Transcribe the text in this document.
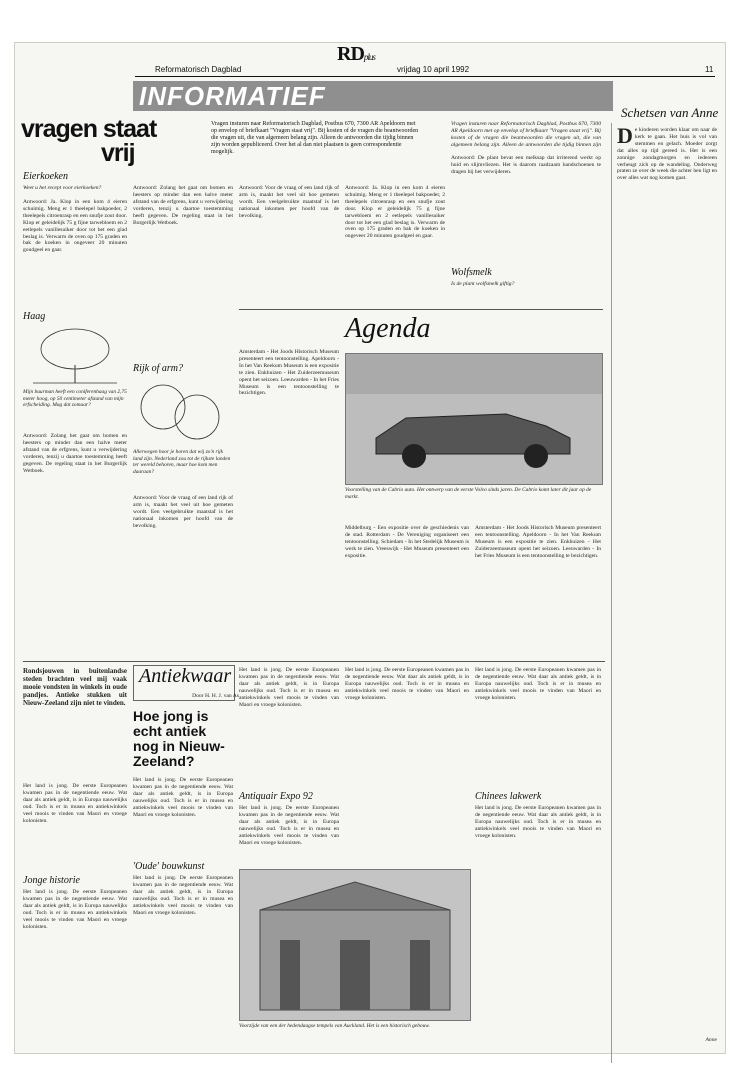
RDplus
Reformatorisch Dagblad	vrijdag 10 april 1992	11
INFORMATIEF
Schetsen van Anne
vragen staat
vrij
Vragen insturen naar Reformatorisch Dagblad, Postbus 670, 7300 AR Apeldoorn met op envelop of briefkaart "Vragen staat vrij". Bij kosten of de vragen die beantwoorden die vragen uit, die van algemeen belang zijn. Alleen de antwoorden die tijdig binnen zijn worden gepubliceerd. Over het al dan niet plaatsen is geen correspondentie mogelijk.
Eierkoeken
Weet u het recept voor eierkoeken?
Antwoord: Ja. Klop in een kom 4 eieren schuimig. Meng er 1 theelepel bakpoeder, 2 theelepels citroenrasp en een snufje zout door. Klop er geleidelijk 75 g fijne tarwebloem en 2 eetlepels vanillesuiker door tot het een glad beslag is. Verwarm de oven op 175 graden en bak de koeken in ongeveer 20 minuten goudgeel en gaar.
Haag
Mijn buurman heeft een coniferenhaag van 2,75 meter hoog, op 50 centimeter afstand van mijn erfscheiding. Mag dat zomaar?
Antwoord: Zolang het gaat om bomen en heesters op minder dan een halve meter afstand van de erfgrens, kunt u verwijdering vorderen, tenzij u daartoe toestemming heeft gegeven. De regeling staat in het Burgerlijk Wetboek.
Antwoord: Zolang het gaat om bomen en heesters op minder dan een halve meter afstand van de erfgrens, kunt u verwijdering vorderen, tenzij u daartoe toestemming heeft gegeven. De regeling staat in het Burgerlijk Wetboek.
Rijk of arm?
Allerwegen hoor je horen dat wij zo'n rijk land zijn. Nederland zou tot de rijkste landen ter wereld behoren, maar hoe kom men daaraan?
Antwoord: Voor de vraag of een land rijk of arm is, maakt het veel uit hoe gemeten wordt. Een veelgebruikte maatstaf is het nationaal inkomen per hoofd van de bevolking.
Antwoord: Voor de vraag of een land rijk of arm is, maakt het veel uit hoe gemeten wordt. Een veelgebruikte maatstaf is het nationaal inkomen per hoofd van de bevolking.
Antwoord: Ja. Klop in een kom 4 eieren schuimig. Meng er 1 theelepel bakpoeder, 2 theelepels citroenrasp en een snufje zout door. Klop er geleidelijk 75 g fijne tarwebloem en 2 eetlepels vanillesuiker door tot het een glad beslag is. Verwarm de oven op 175 graden en bak de koeken in ongeveer 20 minuten goudgeel en gaar.
Vragen insturen naar Reformatorisch Dagblad, Postbus 670, 7300 AR Apeldoorn met op envelop of briefkaart "Vragen staat vrij". Bij kosten of de vragen die beantwoorden die vragen uit, die van algemeen belang zijn. Alleen de antwoorden die tijdig binnen zijn
Wolfsmelk
Is de plant wolfsmelk giftig?
Antwoord: De plant bevat een melksap dat irriterend werkt op huid en slijmvliezen. Het is daarom raadzaam handschoenen te dragen bij het verwijderen.
Agenda
Amsterdam - Het Joods Historisch Museum presenteert een tentoonstelling. Apeldoorn - In het Van Reekum Museum is een expositie te zien. Enkhuizen - Het Zuiderzeemuseum opent het seizoen. Leeuwarden - In het Fries Museum is een tentoonstelling te bezichtigen.
Voorstelling van de Cabrio auto. Het ontwerp van de eerste Volvo sinds jaren. De Cabrio komt later dit jaar op de markt.
Middelburg - Een expositie over de geschiedenis van de stad. Rotterdam - De Vereniging organiseert een tentoonstelling. Schiedam - In het Stedelijk Museum is werk te zien. Vreeswijk - Het Museum presenteert een expositie.
Amsterdam - Het Joods Historisch Museum presenteert een tentoonstelling. Apeldoorn - In het Van Reekum Museum is een expositie te zien. Enkhuizen - Het Zuiderzeemuseum opent het seizoen. Leeuwarden - In het Fries Museum is een tentoonstelling te bezichtigen.
De kinderen worden klaar om naar de kerk te gaan. Het huis is vol van stemmen en gelach. Moeder zorgt dat alles op tijd gereed is. Het is een zonnige zondagmorgen en iedereen verheugt zich op de wandeling. Onderweg praten ze over de week die achter hen ligt en over alles wat nog komen gaat.
Anne
Antiekwaar
Door H. H. J. van As
Rondsjouwen in buitenlandse steden brachten veel mij vaak mooie vondsten in winkels in oude pandjes. Antieke stukken uit Nieuw-Zeeland zijn niet te vinden.
Het land is jong. De eerste Europeanen kwamen pas in de negentiende eeuw. Wat daar als antiek geldt, is in Europa nauwelijks oud. Toch is er in musea en antiekwinkels veel moois te vinden van Maori en vroege kolonisten.
Jonge historie
Het land is jong. De eerste Europeanen kwamen pas in de negentiende eeuw. Wat daar als antiek geldt, is in Europa nauwelijks oud. Toch is er in musea en antiekwinkels veel moois te vinden van Maori en vroege kolonisten.
Hoe jong is echt antiek nog in Nieuw-Zeeland?
Het land is jong. De eerste Europeanen kwamen pas in de negentiende eeuw. Wat daar als antiek geldt, is in Europa nauwelijks oud. Toch is er in musea en antiekwinkels veel moois te vinden van Maori en vroege kolonisten.
'Oude' bouwkunst
Het land is jong. De eerste Europeanen kwamen pas in de negentiende eeuw. Wat daar als antiek geldt, is in Europa nauwelijks oud. Toch is er in musea en antiekwinkels veel moois te vinden van Maori en vroege kolonisten.
Het land is jong. De eerste Europeanen kwamen pas in de negentiende eeuw. Wat daar als antiek geldt, is in Europa nauwelijks oud. Toch is er in musea en antiekwinkels veel moois te vinden van Maori en vroege kolonisten.
Antiquair Expo 92
Het land is jong. De eerste Europeanen kwamen pas in de negentiende eeuw. Wat daar als antiek geldt, is in Europa nauwelijks oud. Toch is er in musea en antiekwinkels veel moois te vinden van Maori en vroege kolonisten.
Het land is jong. De eerste Europeanen kwamen pas in de negentiende eeuw. Wat daar als antiek geldt, is in Europa nauwelijks oud. Toch is er in musea en antiekwinkels veel moois te vinden van Maori en vroege kolonisten.
Het land is jong. De eerste Europeanen kwamen pas in de negentiende eeuw. Wat daar als antiek geldt, is in Europa nauwelijks oud. Toch is er in musea en antiekwinkels veel moois te vinden van Maori en vroege kolonisten.
Chinees lakwerk
Het land is jong. De eerste Europeanen kwamen pas in de negentiende eeuw. Wat daar als antiek geldt, is in Europa nauwelijks oud. Toch is er in musea en antiekwinkels veel moois te vinden van Maori en vroege kolonisten.
Voorzijde van een der hedendaagse tempels van Auckland. Het is een historisch gebouw.
